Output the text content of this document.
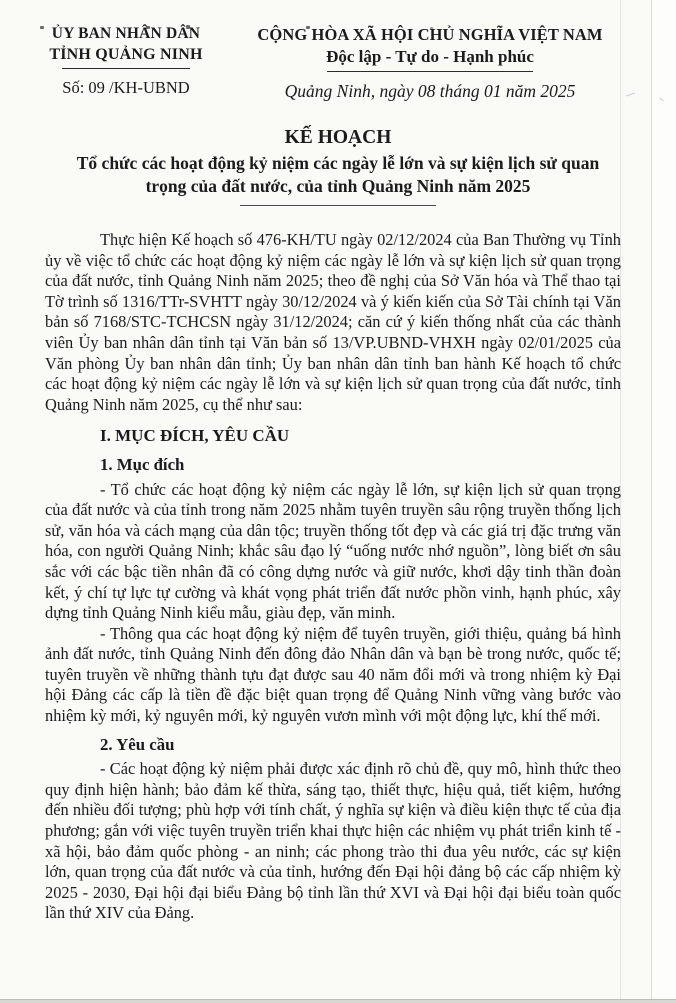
ỦY BAN NHÂN DÂN
TỈNH QUẢNG NINH
Số: 09 /KH-UBND
CỘNG HÒA XÃ HỘI CHỦ NGHĨA VIỆT NAM
Độc lập - Tự do - Hạnh phúc
Quảng Ninh, ngày 08 tháng 01 năm 2025
KẾ HOẠCH
Tổ chức các hoạt động kỷ niệm các ngày lễ lớn và sự kiện lịch sử quan trọng của đất nước, của tỉnh Quảng Ninh năm 2025

Thực hiện Kế hoạch số 476-KH/TU ngày 02/12/2024 của Ban Thường vụ Tỉnh ủy về việc tổ chức các hoạt động kỷ niệm các ngày lễ lớn và sự kiện lịch sử quan trọng của đất nước, tỉnh Quảng Ninh năm 2025; theo đề nghị của Sở Văn hóa và Thể thao tại Tờ trình số 1316/TTr-SVHTT ngày 30/12/2024 và ý kiến kiến của Sở Tài chính tại Văn bản số 7168/STC-TCHCSN ngày 31/12/2024; căn cứ ý kiến thống nhất của các thành viên Ủy ban nhân dân tỉnh tại Văn bản số 13/VP.UBND-VHXH ngày 02/01/2025 của Văn phòng Ủy ban nhân dân tỉnh; Ủy ban nhân dân tỉnh ban hành Kế hoạch tổ chức các hoạt động kỷ niệm các ngày lễ lớn và sự kiện lịch sử quan trọng của đất nước, tỉnh Quảng Ninh năm 2025, cụ thể như sau:

I. MỤC ĐÍCH, YÊU CẦU
1. Mục đích

- Tổ chức các hoạt động kỷ niệm các ngày lễ lớn, sự kiện lịch sử quan trọng của đất nước và của tỉnh trong năm 2025 nhằm tuyên truyền sâu rộng truyền thống lịch sử, văn hóa và cách mạng của dân tộc; truyền thống tốt đẹp và các giá trị đặc trưng văn hóa, con người Quảng Ninh; khắc sâu đạo lý “uống nước nhớ nguồn”, lòng biết ơn sâu sắc với các bậc tiền nhân đã có công dựng nước và giữ nước, khơi dậy tinh thần đoàn kết, ý chí tự lực tự cường và khát vọng phát triển đất nước phồn vinh, hạnh phúc, xây dựng tỉnh Quảng Ninh kiểu mẫu, giàu đẹp, văn minh.

- Thông qua các hoạt động kỷ niệm để tuyên truyền, giới thiệu, quảng bá hình ảnh đất nước, tỉnh Quảng Ninh đến đông đảo Nhân dân và bạn bè trong nước, quốc tế; tuyên truyền về những thành tựu đạt được sau 40 năm đổi mới và trong nhiệm kỳ Đại hội Đảng các cấp là tiền đề đặc biệt quan trọng để Quảng Ninh vững vàng bước vào nhiệm kỳ mới, kỷ nguyên mới, kỷ nguyên vươn mình với một động lực, khí thế mới.

2. Yêu cầu

- Các hoạt động kỷ niệm phải được xác định rõ chủ đề, quy mô, hình thức theo quy định hiện hành; bảo đảm kế thừa, sáng tạo, thiết thực, hiệu quả, tiết kiệm, hướng đến nhiều đối tượng; phù hợp với tính chất, ý nghĩa sự kiện và điều kiện thực tế của địa phương; gắn với việc tuyên truyền triển khai thực hiện các nhiệm vụ phát triển kinh tế - xã hội, bảo đảm quốc phòng - an ninh; các phong trào thi đua yêu nước, các sự kiện lớn, quan trọng của đất nước và của tỉnh, hướng đến Đại hội đảng bộ các cấp nhiệm kỳ 2025 - 2030, Đại hội đại biểu Đảng bộ tỉnh lần thứ XVI và Đại hội đại biểu toàn quốc lần thứ XIV của Đảng.
